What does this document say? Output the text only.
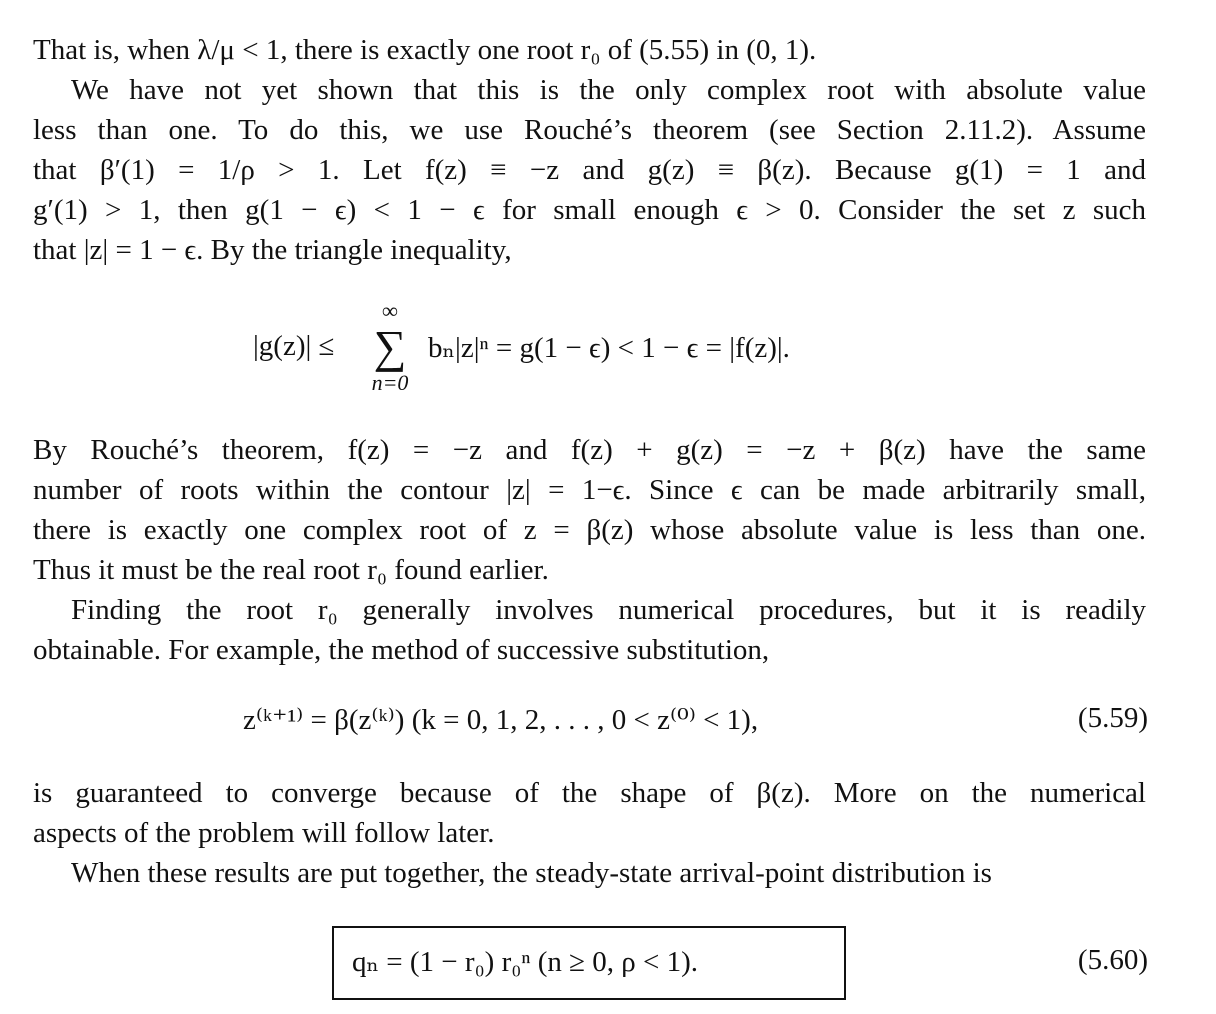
That is, when λ/μ < 1, there is exactly one root r₀ of (5.55) in (0, 1).
We have not yet shown that this is the only complex root with absolute value
less than one. To do this, we use Rouché’s theorem (see Section 2.11.2). Assume
that β′(1) = 1/ρ > 1. Let f(z) ≡ −z and g(z) ≡ β(z). Because g(1) = 1 and
g′(1) > 1, then g(1 − ϵ) < 1 − ϵ for small enough ϵ > 0. Consider the set z such
that |z| = 1 − ϵ. By the triangle inequality,
|g(z)| ≤
∞
∑
n=0
bₙ|z|ⁿ = g(1 − ϵ) < 1 − ϵ = |f(z)|.
By Rouché’s theorem, f(z) = −z and f(z) + g(z) = −z + β(z) have the same
number of roots within the contour |z| = 1−ϵ. Since ϵ can be made arbitrarily small,
there is exactly one complex root of z = β(z) whose absolute value is less than one.
Thus it must be the real root r₀ found earlier.
Finding the root r₀ generally involves numerical procedures, but it is readily
obtainable. For example, the method of successive substitution,
z⁽ᵏ⁺¹⁾ = β(z⁽ᵏ⁾) (k = 0, 1, 2, . . . , 0 < z⁽⁰⁾ < 1),	(5.59)
is guaranteed to converge because of the shape of β(z). More on the numerical
aspects of the problem will follow later.
When these results are put together, the steady-state arrival-point distribution is
qₙ = (1 − r₀) r₀ⁿ (n ≥ 0, ρ < 1).	(5.60)
